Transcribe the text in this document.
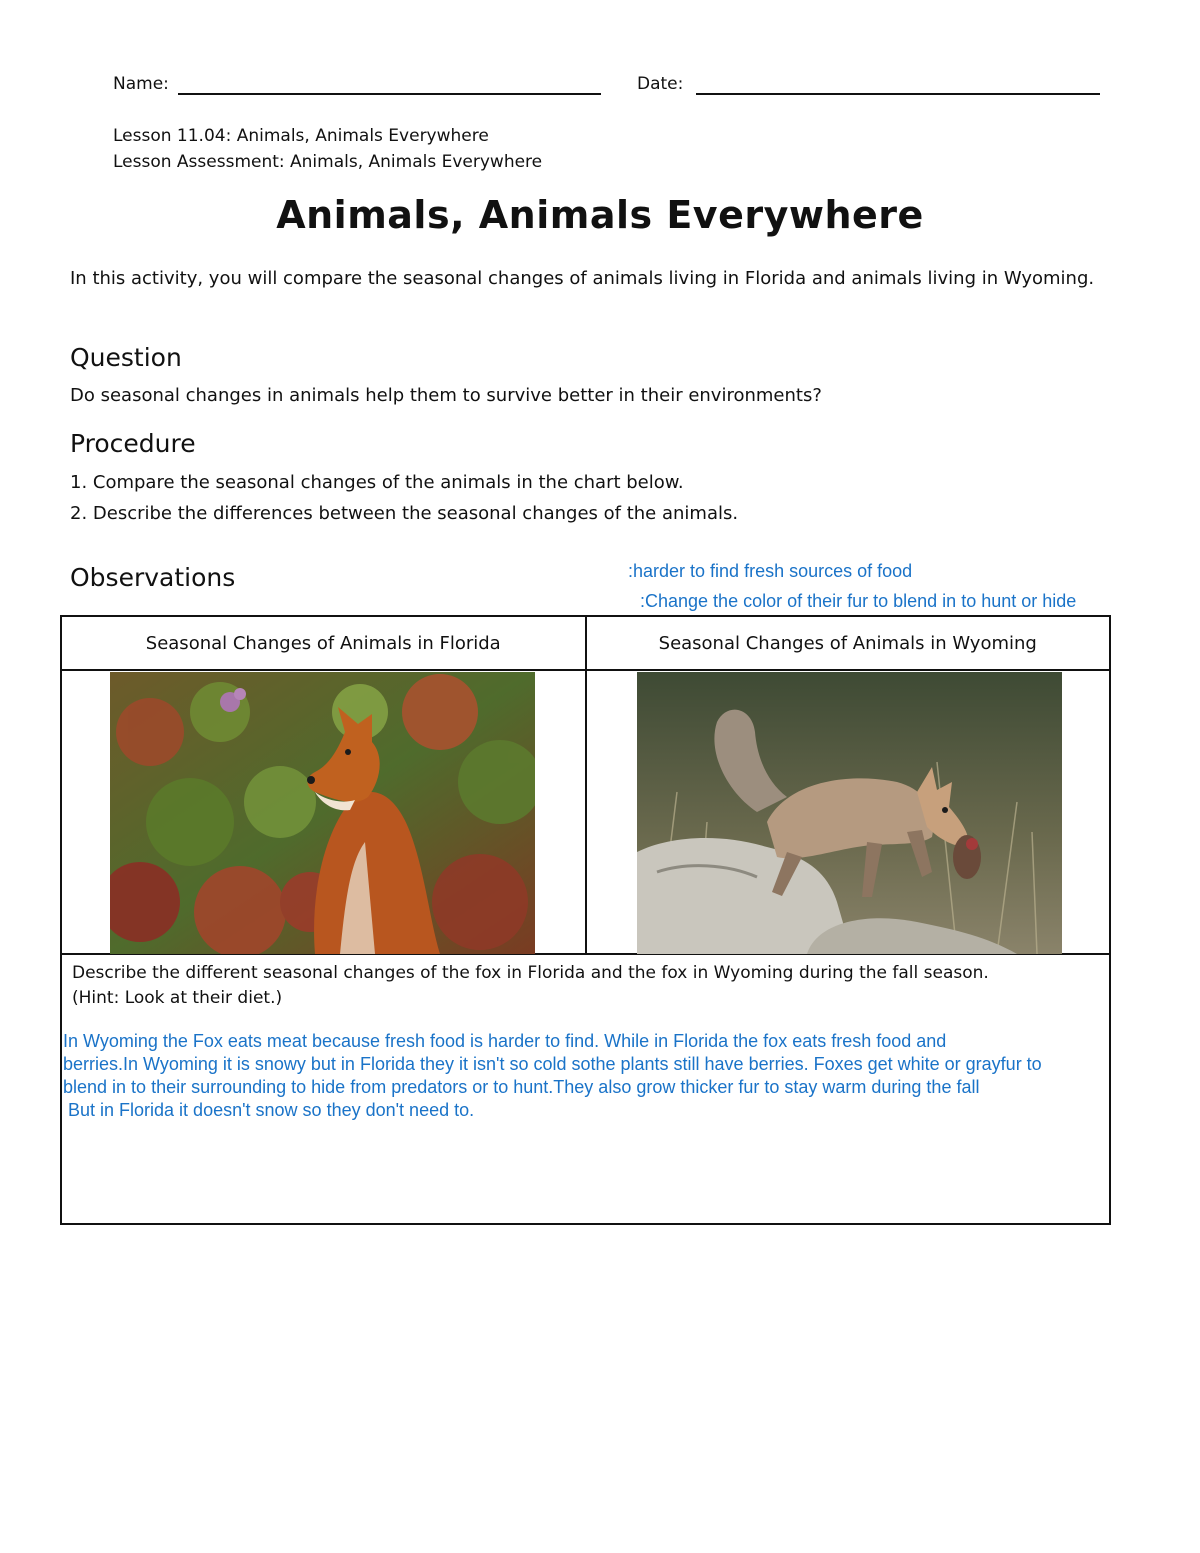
Name:	Date:
Lesson 11.04: Animals, Animals Everywhere
Lesson Assessment: Animals, Animals Everywhere
Animals, Animals Everywhere
In this activity, you will compare the seasonal changes of animals living in Florida and animals living in Wyoming.
Question
Do seasonal changes in animals help them to survive better in their environments?
Procedure
1. Compare the seasonal changes of the animals in the chart below.
2. Describe the differences between the seasonal changes of the animals.
Observations	:harder to find fresh sources of food
:Change the color of their fur to blend in to hunt or hide
Seasonal Changes of Animals in Florida	Seasonal Changes of Animals in Wyoming

Describe the different seasonal changes of the fox in Florida and the fox in Wyoming during the fall season.
(Hint: Look at their diet.)	
In Wyoming the Fox eats meat because fresh food is harder to find. While in Florida the fox eats fresh food and
berries.In Wyoming it is snowy but in Florida they it isn't so cold sothe plants still have berries. Foxes get white or grayfur to
blend in to their surrounding to hide from predators or to hunt.They also grow thicker fur to stay warm during the fall
But in Florida it doesn't snow so they don't need to.
